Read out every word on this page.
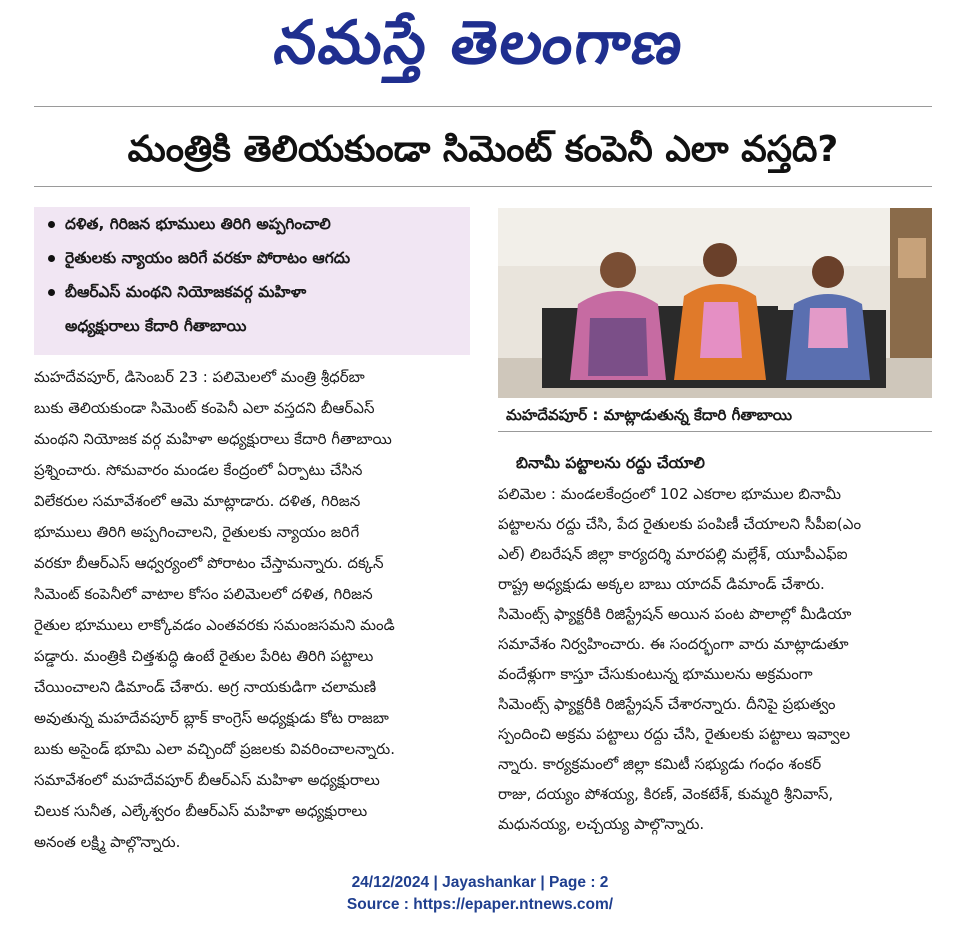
నమస్తే తెలంగాణ
మంత్రికి తెలియకుండా సిమెంట్ కంపెనీ ఎలా వస్తది?
దళిత, గిరిజన భూములు తిరిగి అప్పగించాలి
రైతులకు న్యాయం జరిగే వరకూ పోరాటం ఆగదు
బీఆర్‌ఎస్ మంథని నియోజకవర్గ మహిళా
అధ్యక్షురాలు కేదారి గీతాబాయి
మహదేవపూర్ : మాట్లాడుతున్న కేదారి గీతాబాయి
బినామీ పట్టాలను రద్దు చేయాలి
మహదేవపూర్, డిసెంబర్ 23 : పలిమెలలో మంత్రి శ్రీధర్‌బా
బుకు తెలియకుండా సిమెంట్ కంపెనీ ఎలా వస్తదని బీఆర్‌ఎస్
మంథని నియోజక వర్గ మహిళా అధ్యక్షురాలు కేదారి గీతాబాయి
ప్రశ్నించారు. సోమవారం మండల కేంద్రంలో ఏర్పాటు చేసిన
విలేకరుల సమావేశంలో ఆమె మాట్లాడారు. దళిత, గిరిజన
భూములు తిరిగి అప్పగించాలని, రైతులకు న్యాయం జరిగే
వరకూ బీఆర్‌ఎస్ ఆధ్వర్యంలో పోరాటం చేస్తామన్నారు. దక్కన్
సిమెంట్ కంపెనీలో వాటాల కోసం పలిమెలలో దళిత, గిరిజన
రైతుల భూములు లాక్కోవడం ఎంతవరకు సమంజసమని మండి
పడ్డారు. మంత్రికి చిత్తశుద్ధి ఉంటే రైతుల పేరిట తిరిగి పట్టాలు
చేయించాలని డిమాండ్ చేశారు. అగ్ర నాయకుడిగా చలామణి
అవుతున్న మహదేవపూర్ బ్లాక్ కాంగ్రెస్ అధ్యక్షుడు కోట రాజబా
బుకు అసైండ్ భూమి ఎలా వచ్చిందో ప్రజలకు వివరించాలన్నారు.
సమావేశంలో మహదేవపూర్ బీఆర్‌ఎస్ మహిళా అధ్యక్షురాలు
చిలుక సునీత, ఎల్కేశ్వరం బీఆర్‌ఎస్ మహిళా అధ్యక్షురాలు
అనంత లక్ష్మి పాల్గొన్నారు.
పలిమెల : మండలకేంద్రంలో 102 ఎకరాల భూముల బినామీ
పట్టాలను రద్దు చేసి, పేద రైతులకు పంపిణీ చేయాలని సీపీఐ(ఎం
ఎల్) లిబరేషన్ జిల్లా కార్యదర్శి మారపల్లి మల్లేశ్, యూపీఎఫ్‌ఐ
రాష్ట్ర అధ్యక్షుడు అక్కల బాబు యాదవ్ డిమాండ్ చేశారు.
సిమెంట్స్ ఫ్యాక్టరీకి రిజిస్ట్రేషన్ అయిన పంట పొలాల్లో మీడియా
సమావేశం నిర్వహించారు. ఈ సందర్భంగా వారు మాట్లాడుతూ
వందేళ్లుగా కాస్తూ చేసుకుంటున్న భూములను అక్రమంగా
సిమెంట్స్ ఫ్యాక్టరీకి రిజిస్ట్రేషన్ చేశారన్నారు. దీనిపై ప్రభుత్వం
స్పందించి అక్రమ పట్టాలు రద్దు చేసి, రైతులకు పట్టాలు ఇవ్వాల
న్నారు. కార్యక్రమంలో జిల్లా కమిటీ సభ్యుడు గంధం శంకర్
రాజు, దయ్యం పోశయ్య, కిరణ్, వెంకటేశ్, కుమ్మరి శ్రీనివాస్,
మధునయ్య, లచ్చయ్య పాల్గొన్నారు.
24/12/2024 | Jayashankar | Page : 2
Source : https://epaper.ntnews.com/
